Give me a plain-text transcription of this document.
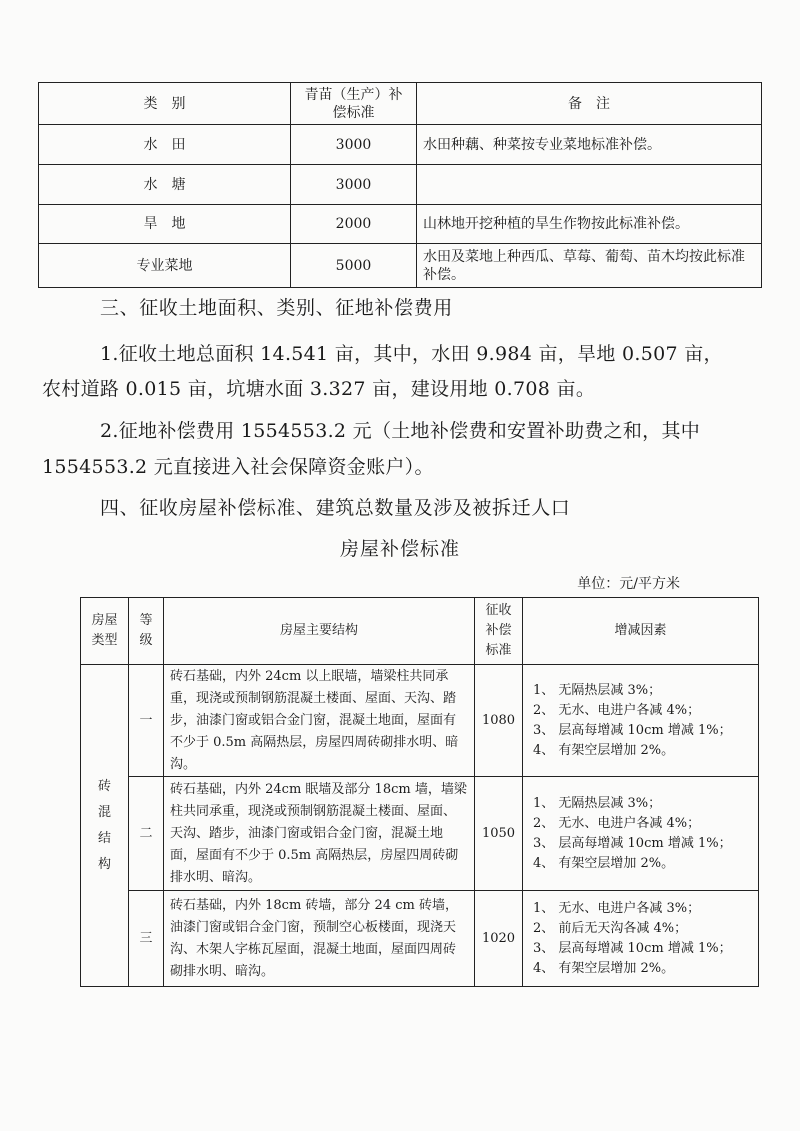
类　别	青苗（生产）补偿标准	备　注
水　田	3000	水田种藕、种菜按专业菜地标准补偿。
水　塘	3000	
旱　地	2000	山林地开挖种植的旱生作物按此标准补偿。
专业菜地	5000	水田及菜地上种西瓜、草莓、葡萄、苗木均按此标准补偿。
三、征收土地面积、类别、征地补偿费用
1.征收土地总面积 14.541 亩，其中，水田 9.984 亩，旱地 0.507 亩，
农村道路 0.015 亩，坑塘水面 3.327 亩，建设用地 0.708 亩。
2.征地补偿费用 1554553.2 元（土地补偿费和安置补助费之和，其中
1554553.2 元直接进入社会保障资金账户）。
四、征收房屋补偿标准、建筑总数量及涉及被拆迁人口
房屋补偿标准
单位：元/平方米
房屋类型	等级	房屋主要结构	征收补偿标准	增减因素
砖混结构	一	砖石基础，内外 24cm 以上眠墙，墙梁柱共同承重，现浇或预制钢筋混凝土楼面、屋面、天沟、踏步，油漆门窗或铝合金门窗，混凝土地面，屋面有不少于 0.5m 高隔热层，房屋四周砖砌排水明、暗沟。	1080	1、 无隔热层减 3%；
2、 无水、电进户各减 4%；
3、 层高每增减 10cm 增减 1%；
4、 有架空层增加 2%。

	二	砖石基础，内外 24cm 眠墙及部分 18cm 墙，墙梁柱共同承重，现浇或预制钢筋混凝土楼面、屋面、天沟、踏步，油漆门窗或铝合金门窗，混凝土地面，屋面有不少于 0.5m 高隔热层，房屋四周砖砌排水明、暗沟。	1050	1、 无隔热层减 3%；
2、 无水、电进户各减 4%；
3、 层高每增减 10cm 增减 1%；
4、 有架空层增加 2%。

	三	砖石基础，内外 18cm 砖墙，部分 24 cm 砖墙，油漆门窗或铝合金门窗，预制空心板楼面，现浇天沟、木架人字栋瓦屋面，混凝土地面，屋面四周砖砌排水明、暗沟。	1020	1、 无水、电进户各减 3%；
2、 前后无天沟各减 4%；
3、 层高每增减 10cm 增减 1%；
4、 有架空层增加 2%。
